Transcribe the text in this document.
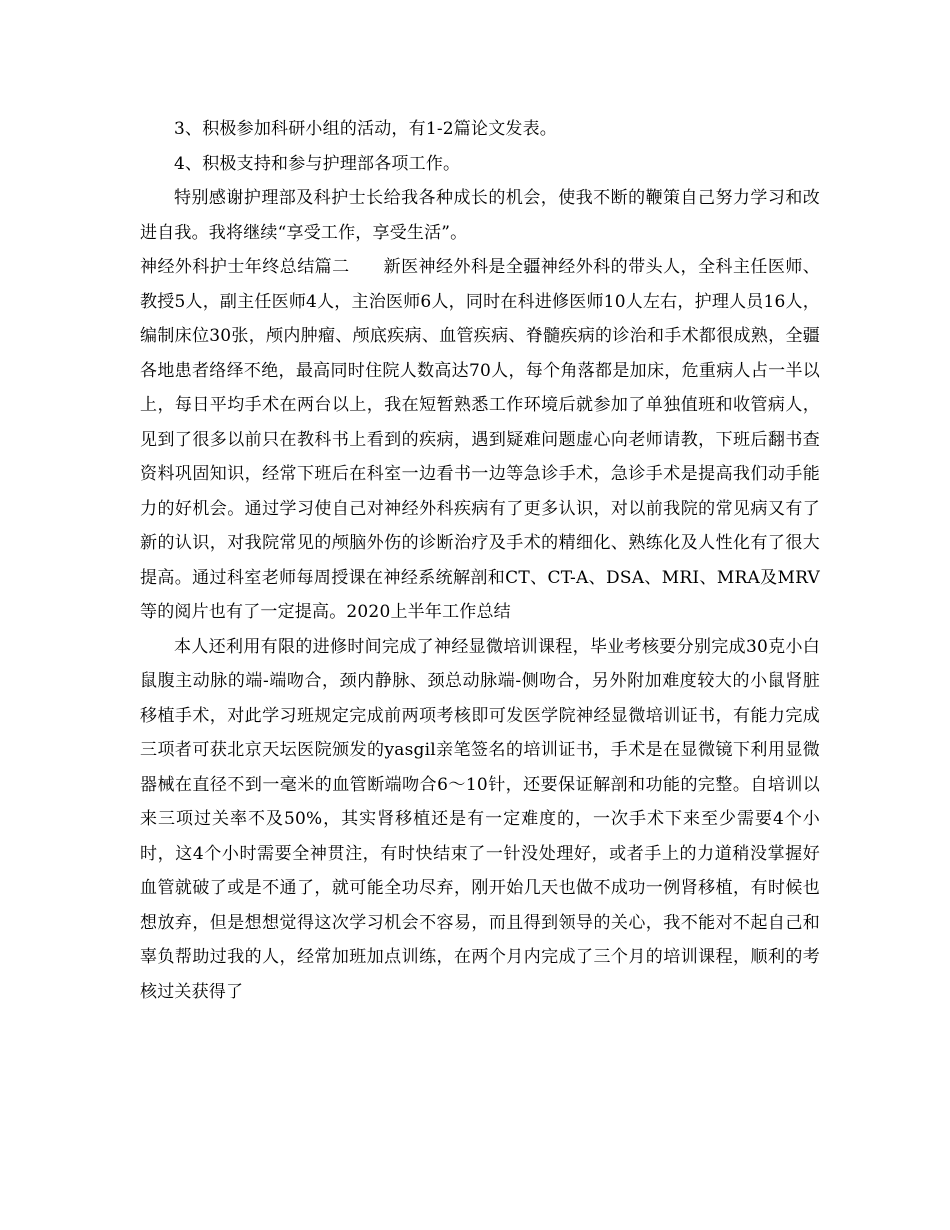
3、积极参加科研小组的活动，有1-2篇论文发表。

4、积极支持和参与护理部各项工作。

特别感谢护理部及科护士长给我各种成长的机会，使我不断的鞭策自己努力学习和改进自我。我将继续“享受工作，享受生活”。

神经外科护士年终总结篇二 新医神经外科是全疆神经外科的带头人，全科主任医师、教授5人，副主任医师4人，主治医师6人，同时在科进修医师10人左右，护理人员16人，编制床位30张，颅内肿瘤、颅底疾病、血管疾病、脊髓疾病的诊治和手术都很成熟，全疆各地患者络绎不绝，最高同时住院人数高达70人，每个角落都是加床，危重病人占一半以上，每日平均手术在两台以上，我在短暂熟悉工作环境后就参加了单独值班和收管病人，见到了很多以前只在教科书上看到的疾病，遇到疑难问题虚心向老师请教，下班后翻书查资料巩固知识，经常下班后在科室一边看书一边等急诊手术，急诊手术是提高我们动手能力的好机会。通过学习使自己对神经外科疾病有了更多认识，对以前我院的常见病又有了新的认识，对我院常见的颅脑外伤的诊断治疗及手术的精细化、熟练化及人性化有了很大提高。通过科室老师每周授课在神经系统解剖和CT、CT-A、DSA、MRI、MRA及MRV等的阅片也有了一定提高。2020上半年工作总结

本人还利用有限的进修时间完成了神经显微培训课程，毕业考核要分别完成30克小白鼠腹主动脉的端-端吻合，颈内静脉、颈总动脉端-侧吻合，另外附加难度较大的小鼠肾脏移植手术，对此学习班规定完成前两项考核即可发医学院神经显微培训证书，有能力完成三项者可获北京天坛医院颁发的yasgil亲笔签名的培训证书，手术是在显微镜下利用显微器械在直径不到一毫米的血管断端吻合6～10针，还要保证解剖和功能的完整。自培训以来三项过关率不及50%，其实肾移植还是有一定难度的，一次手术下来至少需要4个小时，这4个小时需要全神贯注，有时快结束了一针没处理好，或者手上的力道稍没掌握好血管就破了或是不通了，就可能全功尽弃，刚开始几天也做不成功一例肾移植，有时候也想放弃，但是想想觉得这次学习机会不容易，而且得到领导的关心，我不能对不起自己和辜负帮助过我的人，经常加班加点训练，在两个月内完成了三个月的培训课程，顺利的考核过关获得了
